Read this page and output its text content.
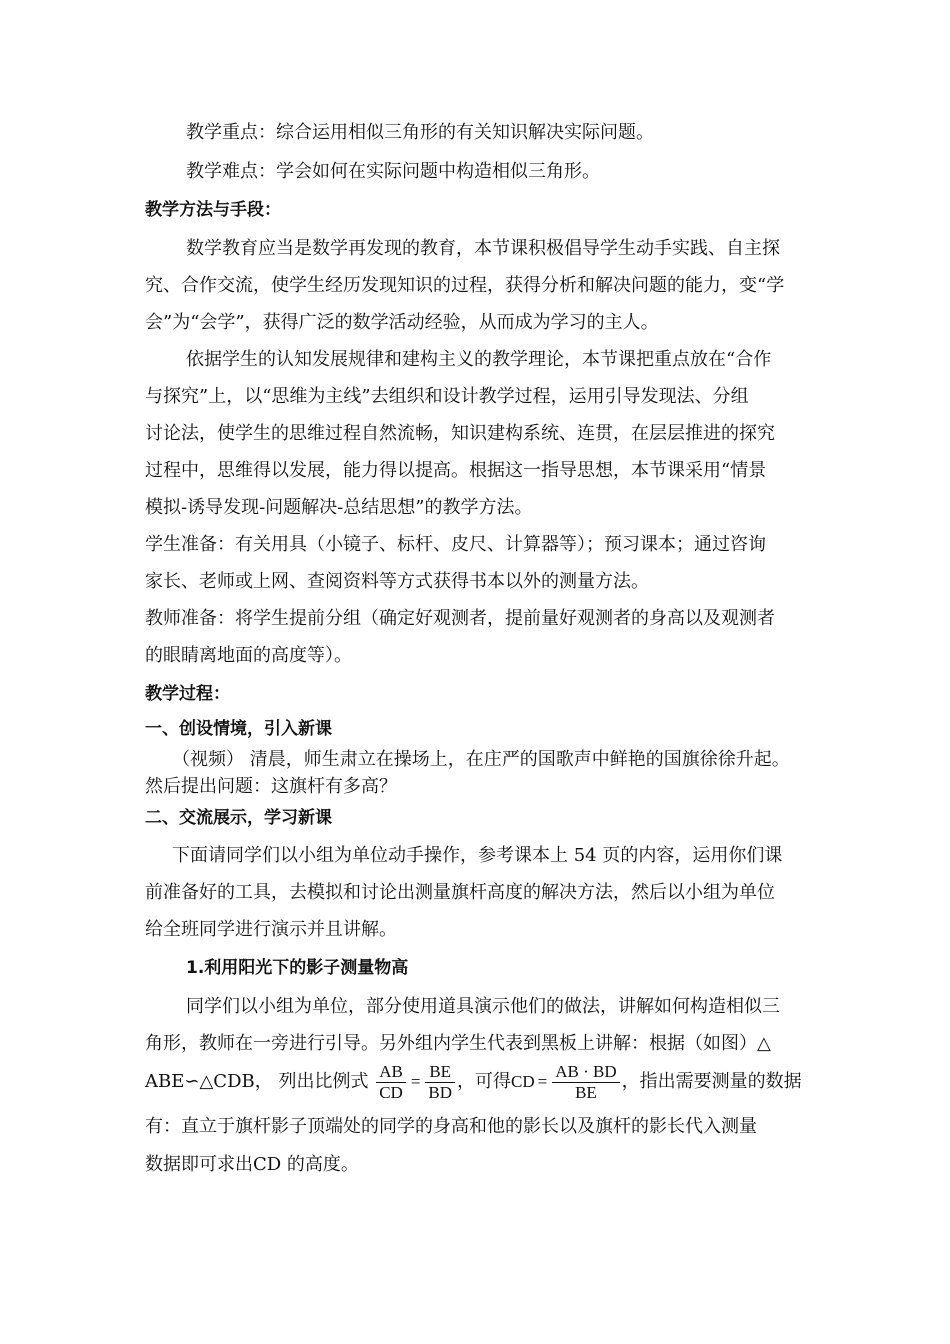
教学重点：综合运用相似三角形的有关知识解决实际问题。
教学难点：学会如何在实际问题中构造相似三角形。
教学方法与手段：
数学教育应当是数学再发现的教育，本节课积极倡导学生动手实践、自主探
究、合作交流，使学生经历发现知识的过程，获得分析和解决问题的能力，变“学
会”为“会学”，获得广泛的数学活动经验，从而成为学习的主人。
依据学生的认知发展规律和建构主义的教学理论，本节课把重点放在“合作
与探究”上，以“思维为主线”去组织和设计教学过程，运用引导发现法、分组
讨论法，使学生的思维过程自然流畅，知识建构系统、连贯，在层层推进的探究
过程中，思维得以发展，能力得以提高。根据这一指导思想，本节课采用“情景
模拟-诱导发现-问题解决-总结思想”的教学方法。
学生准备：有关用具（小镜子、标杆、皮尺、计算器等）；预习课本；通过咨询
家长、老师或上网、查阅资料等方式获得书本以外的测量方法。
教师准备：将学生提前分组（确定好观测者，提前量好观测者的身高以及观测者
的眼睛离地面的高度等）。
教学过程：
一、创设情境，引入新课
（视频） 清晨，师生肃立在操场上，在庄严的国歌声中鲜艳的国旗徐徐升起。
然后提出问题：这旗杆有多高？
二、交流展示，学习新课
下面请同学们以小组为单位动手操作，参考课本上 54 页的内容，运用你们课
前准备好的工具，去模拟和讨论出测量旗杆高度的解决方法，然后以小组为单位
给全班同学进行演示并且讲解。
1.利用阳光下的影子测量物高
同学们以小组为单位，部分使用道具演示他们的做法，讲解如何构造相似三
角形，教师在一旁进行引导。另外组内学生代表到黑板上讲解：根据（如图）△
ABE∽△CDB， 列出比例式 $\frac{AB}{CD} = \frac{BE}{BD}$ ，可得CD = $\frac{AB \cdot BD}{BE}$ ，指出需要测量的数据
有：直立于旗杆影子顶端处的同学的身高和他的影长以及旗杆的影长代入测量
数据即可求出CD 的高度。
